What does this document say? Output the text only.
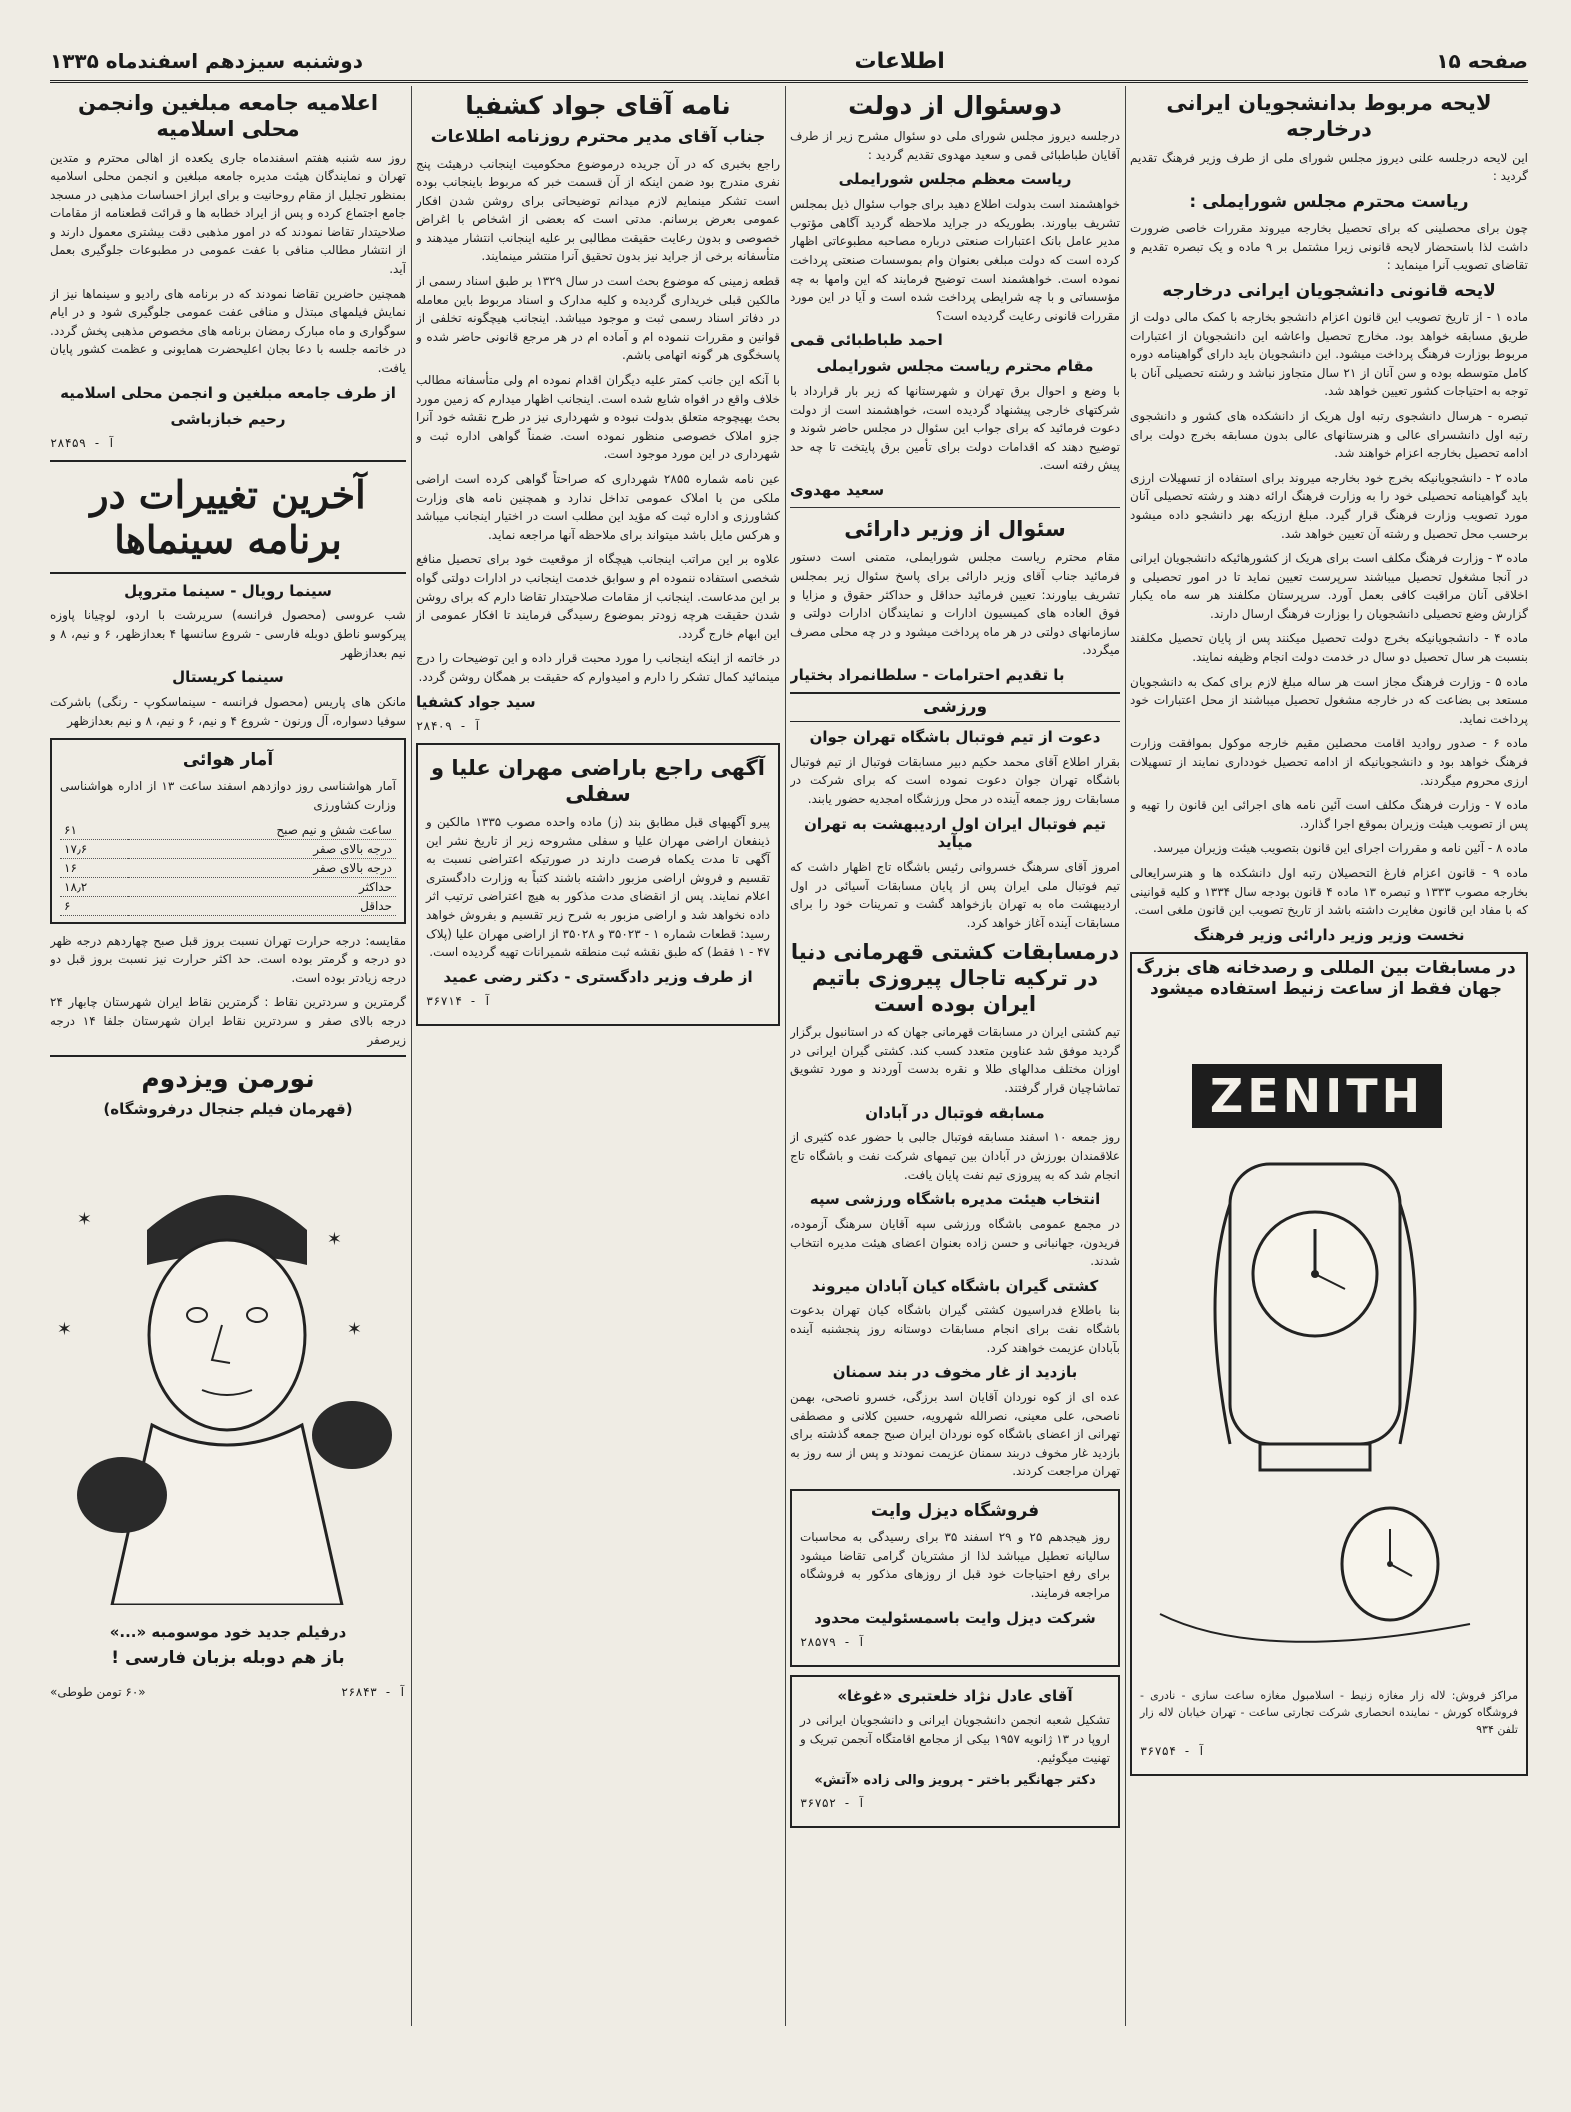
صفحه ۱۵
اطلاعات
دوشنبه سیزدهم اسفندماه ۱۳۳۵
لایحه مربوط بدانشجویان ایرانی درخارجه

این لایحه درجلسه علنی دیروز مجلس شورای ملی از طرف وزیر فرهنگ تقدیم گردید :

ریاست محترم مجلس شورایملی :

چون برای محصلینی که برای تحصیل بخارجه میروند مقررات خاصی ضرورت داشت لذا باستحضار لایحه قانونی زیرا مشتمل بر ۹ ماده و یک تبصره تقدیم و تقاضای تصویب آنرا مینماید :

لایحه قانونی دانشجویان ایرانی درخارجه

ماده ۱ - از تاریخ تصویب این قانون اعزام دانشجو بخارجه با کمک مالی دولت از طریق مسابقه خواهد بود. مخارج تحصیل واعاشه این دانشجویان از اعتبارات مربوط بوزارت فرهنگ پرداخت میشود. این دانشجویان باید دارای گواهینامه دوره کامل متوسطه بوده و سن آنان از ۲۱ سال متجاوز نباشد و رشته تحصیلی آنان با توجه به احتیاجات کشور تعیین خواهد شد.

تبصره - هرسال دانشجوی رتبه اول هریک از دانشکده های کشور و دانشجوی رتبه اول دانشسرای عالی و هنرستانهای عالی بدون مسابقه بخرج دولت برای ادامه تحصیل بخارجه اعزام خواهند شد.

ماده ۲ - دانشجویانیکه بخرج خود بخارجه میروند برای استفاده از تسهیلات ارزی باید گواهینامه تحصیلی خود را به وزارت فرهنگ ارائه دهند و رشته تحصیلی آنان مورد تصویب وزارت فرهنگ قرار گیرد. مبلغ ارزیکه بهر دانشجو داده میشود برحسب محل تحصیل و رشته آن تعیین خواهد شد.

ماده ۳ - وزارت فرهنگ مکلف است برای هریک از کشورهائیکه دانشجویان ایرانی در آنجا مشغول تحصیل میباشند سرپرست تعیین نماید تا در امور تحصیلی و اخلاقی آنان مراقبت کافی بعمل آورد. سرپرستان مکلفند هر سه ماه یکبار گزارش وضع تحصیلی دانشجویان را بوزارت فرهنگ ارسال دارند.

ماده ۴ - دانشجویانیکه بخرج دولت تحصیل میکنند پس از پایان تحصیل مکلفند بنسبت هر سال تحصیل دو سال در خدمت دولت انجام وظیفه نمایند.

ماده ۵ - وزارت فرهنگ مجاز است هر ساله مبلغ لازم برای کمک به دانشجویان مستعد بی بضاعت که در خارجه مشغول تحصیل میباشند از محل اعتبارات خود پرداخت نماید.

ماده ۶ - صدور روادید اقامت محصلین مقیم خارجه موکول بموافقت وزارت فرهنگ خواهد بود و دانشجویانیکه از ادامه تحصیل خودداری نمایند از تسهیلات ارزی محروم میگردند.

ماده ۷ - وزارت فرهنگ مکلف است آئین نامه های اجرائی این قانون را تهیه و پس از تصویب هیئت وزیران بموقع اجرا گذارد.

ماده ۸ - آئین نامه و مقررات اجرای این قانون بتصویب هیئت وزیران میرسد.

ماده ۹ - قانون اعزام فارغ التحصیلان رتبه اول دانشکده ها و هنرسرایعالی بخارجه مصوب ۱۳۳۳ و تبصره ۱۳ ماده ۴ قانون بودجه سال ۱۳۳۴ و کلیه قوانینی که با مفاد این قانون مغایرت داشته باشد از تاریخ تصویب این قانون ملغی است.

نخست وزیر وزیر دارائی وزیر فرهنگ
در مسابقات بین المللی و رصدخانه های بزرگ جهان فقط از ساعت زنیط استفاده میشود
ZENITH

مراکز فروش: لاله زار مغازه زنیط - اسلامبول مغازه ساعت سازی - نادری - فروشگاه کورش - نماینده انحصاری شرکت تجارتی ساعت - تهران خیابان لاله زار تلفن ۹۳۴

آ - ۳۶۷۵۴
دوسئوال از دولت

درجلسه دیروز مجلس شورای ملی دو سئوال مشرح زیر از طرف آقایان طباطبائی قمی و سعید مهدوی تقدیم گردید :

ریاست معظم مجلس شورایملی

خواهشمند است بدولت اطلاع دهید برای جواب سئوال ذیل بمجلس تشریف بیاورند. بطوریکه در جراید ملاحظه گردید آگاهی مؤتوب مدیر عامل بانک اعتبارات صنعتی درباره مصاحبه مطبوعاتی اظهار کرده است که دولت مبلغی بعنوان وام بموسسات صنعتی پرداخت نموده است. خواهشمند است توضیح فرمایند که این وامها به چه مؤسساتی و با چه شرایطی پرداخت شده است و آیا در این مورد مقررات قانونی رعایت گردیده است؟

احمد طباطبائی قمی
مقام محترم ریاست مجلس شورایملی

با وضع و احوال برق تهران و شهرستانها که زیر بار قرارداد با شرکتهای خارجی پیشنهاد گردیده است، خواهشمند است از دولت دعوت فرمائید که برای جواب این سئوال در مجلس حاضر شوند و توضیح دهند که اقدامات دولت برای تأمین برق پایتخت تا چه حد پیش رفته است.

سعید مهدوی
سئوال از وزیر دارائی

مقام محترم ریاست مجلس شورایملی، متمنی است دستور فرمائید جناب آقای وزیر دارائی برای پاسخ سئوال زیر بمجلس تشریف بیاورند: تعیین فرمائید حداقل و حداکثر حقوق و مزایا و فوق العاده های کمیسیون ادارات و نمایندگان ادارات دولتی و سازمانهای دولتی در هر ماه پرداخت میشود و در چه محلی مصرف میگردد.

با تقدیم احترامات - سلطانمراد بختیار
ورزشی
دعوت از تیم فوتبال باشگاه تهران جوان

بقرار اطلاع آقای محمد حکیم دبیر مسابقات فوتبال از تیم فوتبال باشگاه تهران جوان دعوت نموده است که برای شرکت در مسابقات روز جمعه آینده در محل ورزشگاه امجدیه حضور یابند.

تیم فوتبال ایران اول اردیبهشت به تهران میآید

امروز آقای سرهنگ خسروانی رئیس باشگاه تاج اظهار داشت که تیم فوتبال ملی ایران پس از پایان مسابقات آسیائی در اول اردیبهشت ماه به تهران بازخواهد گشت و تمرینات خود را برای مسابقات آینده آغاز خواهد کرد.

درمسابقات کشتی قهرمانی دنیا در ترکیه تاجال پیروزی باتیم ایران بوده است

تیم کشتی ایران در مسابقات قهرمانی جهان که در استانبول برگزار گردید موفق شد عناوین متعدد کسب کند. کشتی گیران ایرانی در اوزان مختلف مدالهای طلا و نقره بدست آوردند و مورد تشویق تماشاچیان قرار گرفتند.

مسابقه فوتبال در آبادان

روز جمعه ۱۰ اسفند مسابقه فوتبال جالبی با حضور عده کثیری از علاقمندان بورزش در آبادان بین تیمهای شرکت نفت و باشگاه تاج انجام شد که به پیروزی تیم نفت پایان یافت.

انتخاب هیئت مدیره باشگاه ورزشی سپه

در مجمع عمومی باشگاه ورزشی سپه آقایان سرهنگ آزموده، فریدون، جهانبانی و حسن زاده بعنوان اعضای هیئت مدیره انتخاب شدند.

کشتی گیران باشگاه کیان آبادان میروند

بنا باطلاع فدراسیون کشتی گیران باشگاه کیان تهران بدعوت باشگاه نفت برای انجام مسابقات دوستانه روز پنجشنبه آینده بآبادان عزیمت خواهند کرد.

بازدید از غار مخوف در بند سمنان

عده ای از کوه نوردان آقایان اسد برزگی، خسرو ناصحی، بهمن ناصحی، علی معینی، نصرالله شهرویه، حسین کلانی و مصطفی تهرانی از اعضای باشگاه کوه نوردان ایران صبح جمعه گذشته برای بازدید غار مخوف دربند سمنان عزیمت نمودند و پس از سه روز به تهران مراجعت کردند.

فروشگاه دیزل وایت

روز هیجدهم ۲۵ و ۲۹ اسفند ۳۵ برای رسیدگی به محاسبات سالیانه تعطیل میباشد لذا از مشتریان گرامی تقاضا میشود برای رفع احتیاجات خود قبل از روزهای مذکور به فروشگاه مراجعه فرمایند.

شرکت دیزل وایت باسمسئولیت محدود
آ - ۲۸۵۷۹
آقای عادل نژاد خلعتبری «غوغا»

تشکیل شعبه انجمن دانشجویان ایرانی و دانشجویان ایرانی در اروپا در ۱۳ ژانویه ۱۹۵۷ بیکی از مجامع اقامتگاه آنجمن تبریک و تهنیت میگوئیم.

دکتر جهانگیر باختر - پرویز والی زاده «آتش»
آ - ۳۶۷۵۲
نامه آقای جواد کشفیا
جناب آقای مدیر محترم روزنامه اطلاعات

راجع بخبری که در آن جریده درموضوع محکومیت اینجانب درهیئت پنج نفری مندرج بود ضمن اینکه از آن قسمت خبر که مربوط باینجانب بوده است تشکر مینمایم لازم میدانم توضیحاتی برای روشن شدن افکار عمومی بعرض برسانم. مدتی است که بعضی از اشخاص با اغراض خصوصی و بدون رعایت حقیقت مطالبی بر علیه اینجانب انتشار میدهند و متأسفانه برخی از جراید نیز بدون تحقیق آنرا منتشر مینمایند.

قطعه زمینی که موضوع بحث است در سال ۱۳۲۹ بر طبق اسناد رسمی از مالکین قبلی خریداری گردیده و کلیه مدارک و اسناد مربوط باین معامله در دفاتر اسناد رسمی ثبت و موجود میباشد. اینجانب هیچگونه تخلفی از قوانین و مقررات ننموده ام و آماده ام در هر مرجع قانونی حاضر شده و پاسخگوی هر گونه اتهامی باشم.

با آنکه این جانب کمتر علیه دیگران اقدام نموده ام ولی متأسفانه مطالب خلاف واقع در افواه شایع شده است. اینجانب اظهار میدارم که زمین مورد بحث بهیچوجه متعلق بدولت نبوده و شهرداری نیز در طرح نقشه خود آنرا جزو املاک خصوصی منظور نموده است. ضمناً گواهی اداره ثبت و شهرداری در این مورد موجود است.

عین نامه شماره ۲۸۵۵ شهرداری که صراحتاً گواهی کرده است اراضی ملکی من با املاک عمومی تداخل ندارد و همچنین نامه های وزارت کشاورزی و اداره ثبت که مؤید این مطلب است در اختیار اینجانب میباشد و هرکس مایل باشد میتواند برای ملاحظه آنها مراجعه نماید.

علاوه بر این مراتب اینجانب هیچگاه از موقعیت خود برای تحصیل منافع شخصی استفاده ننموده ام و سوابق خدمت اینجانب در ادارات دولتی گواه بر این مدعاست. اینجانب از مقامات صلاحیتدار تقاضا دارم که برای روشن شدن حقیقت هرچه زودتر بموضوع رسیدگی فرمایند تا افکار عمومی از این ابهام خارج گردد.

در خاتمه از اینکه اینجانب را مورد محبت قرار داده و این توضیحات را درج مینمائید کمال تشکر را دارم و امیدوارم که حقیقت بر همگان روشن گردد.

سید جواد کشفیا
آ - ۲۸۴۰۹
آگهی راجع باراضی مهران علیا و سفلی

پیرو آگهیهای قبل مطابق بند (ز) ماده واحده مصوب ۱۳۳۵ مالکین و ذینفعان اراضی مهران علیا و سفلی مشروحه زیر از تاریخ نشر این آگهی تا مدت یکماه فرصت دارند در صورتیکه اعتراضی نسبت به تقسیم و فروش اراضی مزبور داشته باشند کتباً به وزارت دادگستری اعلام نمایند. پس از انقضای مدت مذکور به هیچ اعتراضی ترتیب اثر داده نخواهد شد و اراضی مزبور به شرح زیر تقسیم و بفروش خواهد رسید: قطعات شماره ۱ - ۳۵۰۲۳ و ۳۵۰۲۸ از اراضی مهران علیا (پلاک ۴۷ - ۱ فقط) که طبق نقشه ثبت منطقه شمیرانات تهیه گردیده است.

از طرف وزیر دادگستری - دکتر رضی عمید
آ - ۳۶۷۱۴
اعلامیه جامعه مبلغین وانجمن محلی اسلامیه

روز سه شنبه هفتم اسفندماه جاری یکعده از اهالی محترم و متدین تهران و نمایندگان هیئت مدیره جامعه مبلغین و انجمن محلی اسلامیه بمنظور تجلیل از مقام روحانیت و برای ابراز احساسات مذهبی در مسجد جامع اجتماع کرده و پس از ایراد خطابه ها و قرائت قطعنامه از مقامات صلاحیتدار تقاضا نمودند که در امور مذهبی دقت بیشتری معمول دارند و از انتشار مطالب منافی با عفت عمومی در مطبوعات جلوگیری بعمل آید.

همچنین حاضرین تقاضا نمودند که در برنامه های رادیو و سینماها نیز از نمایش فیلمهای مبتذل و منافی عفت عمومی جلوگیری شود و در ایام سوگواری و ماه مبارک رمضان برنامه های مخصوص مذهبی پخش گردد. در خاتمه جلسه با دعا بجان اعلیحضرت همایونی و عظمت کشور پایان یافت.

از طرف جامعه مبلغین و انجمن محلی اسلامیه
رحیم خبازباشی
آ - ۲۸۴۵۹
آخرین تغییرات در برنامه سینماها
سینما رویال - سینما متروپل

شب عروسی (محصول فرانسه) سریرشت با اردو، لوچیانا پاوزه پیرکوسو ناطق دوبله فارسی - شروع سانسها ۴ بعدازظهر، ۶ و نیم، ۸ و نیم بعدازظهر

سینما کریستال

مانکن های پاریس (محصول فرانسه - سینماسکوپ - رنگی) باشرکت سوفیا دسواره، آل ورنون - شروع ۴ و نیم، ۶ و نیم، ۸ و نیم بعدازظهر

آمار هوائی

آمار هواشناسی روز دوازدهم اسفند ساعت ۱۳ از اداره هواشناسی وزارت کشاورزی

ساعت شش و نیم صبح	۶۱
درجه بالای صفر	۱۷٫۶
درجه بالای صفر	۱۶
حداکثر	۱۸٫۲
حداقل	۶

مقایسه: درجه حرارت تهران نسبت بروز قبل صبح چهاردهم درجه ظهر دو درجه و گرمتر بوده است. حد اکثر حرارت نیز نسبت بروز قبل دو درجه زیادتر بوده است.

گرمترین و سردترین نقاط : گرمترین نقاط ایران شهرستان چابهار ۲۴ درجه بالای صفر و سردترین نقاط ایران شهرستان جلفا ۱۴ درجه زیرصفر

نورمن ویزدوم
(قهرمان فیلم جنجال درفروشگاه)
✶
✶
✶	✶
درفیلم جدید خود موسومبه «...»
باز هم دوبله بزبان فارسی !
آ - ۲۶۸۴۳
«۶۰ تومن طوطی»
